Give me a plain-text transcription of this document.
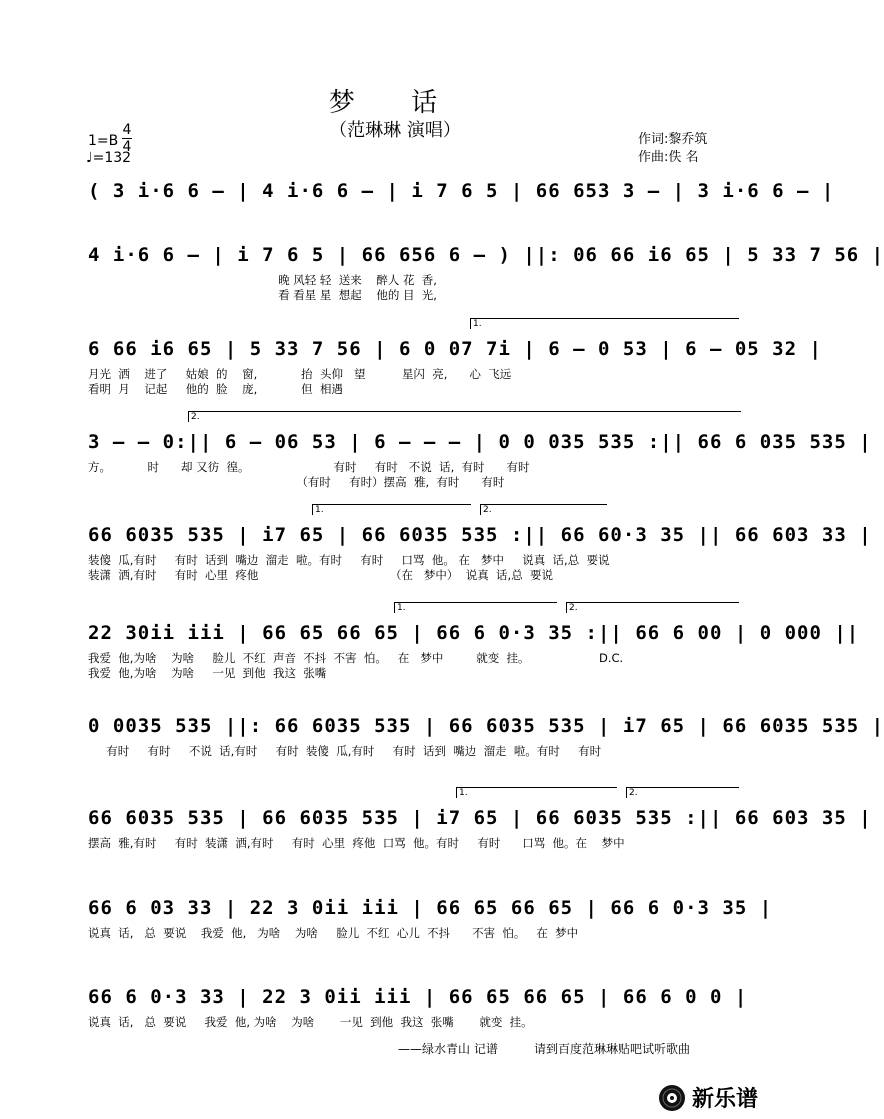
梦 话
（范琳琳 演唱）
1=B
4
4
♩=132
作词:黎乔筑
作曲:佚 名
( 3 i·6 6 – | 4 i·6 6 – | i 7 6 5 | 66 653 3 – | 3 i·6 6 – |
4 i·6 6 – | i 7 6 5 | 66 656 6 – ) ||: 06 66 i6 65 | 5 33 7 56 |
晚 风轻 轻  送来    醉人 花  香,
看 看星 星  想起    他的 目  光,
1.
6 66 i6 65 | 5 33 7 56 | 6 0 07 7i | 6 – 0 53 | 6 – 05 32 |
月光  洒    进了     姑娘  的    窗,            抬  头仰   望          星闪  亮,      心  飞远
看明  月    记起     他的  脸    庞,            但  相遇
2.
3 – – 0:|| 6 – 06 53 | 6 – – – | 0 0 035 535 :|| 66 6 035 535 |
方。          时      却 又彷  徨。                       有时     有时   不说  话,  有时      有时
（有时     有时）摆高  雅,  有时      有时
1.	2.
66 6035 535 | i7 65 | 66 6035 535 :|| 66 60·3 35 || 66 603 33 |
装傻  瓜,有时     有时  话到  嘴边  溜走  啦。有时     有时     口骂  他。 在   梦中     说真  话,总  要说
装潇  洒,有时     有时  心里  疼他                                    （在   梦中）  说真  话,总  要说
1.	2.
22 30ii iii | 66 65 66 65 | 66 6 0·3 35 :|| 66 6 00 | 0 000 ||
我爱  他,为啥    为啥     脸儿  不红  声音  不抖  不害  怕。   在   梦中         就变  挂。                   D.C.
我爱  他,为啥    为啥     一见  到他  我这  张嘴
0 0035 535 ||: 66 6035 535 | 66 6035 535 | i7 65 | 66 6035 535 |
有时     有时     不说  话,有时     有时  装傻  瓜,有时     有时  话到  嘴边  溜走  啦。有时     有时
1.	2.
66 6035 535 | 66 6035 535 | i7 65 | 66 6035 535 :|| 66 603 35 |
摆高  雅,有时     有时  装潇  洒,有时     有时  心里  疼他  口骂  他。有时     有时      口骂  他。在    梦中
66 6 03 33 | 22 3 0ii iii | 66 65 66 65 | 66 6 0·3 35 |
说真  话,   总  要说    我爱  他,   为啥    为啥     脸儿  不红  心儿  不抖      不害  怕。   在  梦中
66 6 0·3 33 | 22 3 0ii iii | 66 65 66 65 | 66 6 0 0 |
说真  话,   总  要说     我爱  他, 为啥    为啥       一见  到他  我这  张嘴       就变  挂。
——绿水青山 记谱	请到百度范琳琳贴吧试听歌曲
新乐谱
